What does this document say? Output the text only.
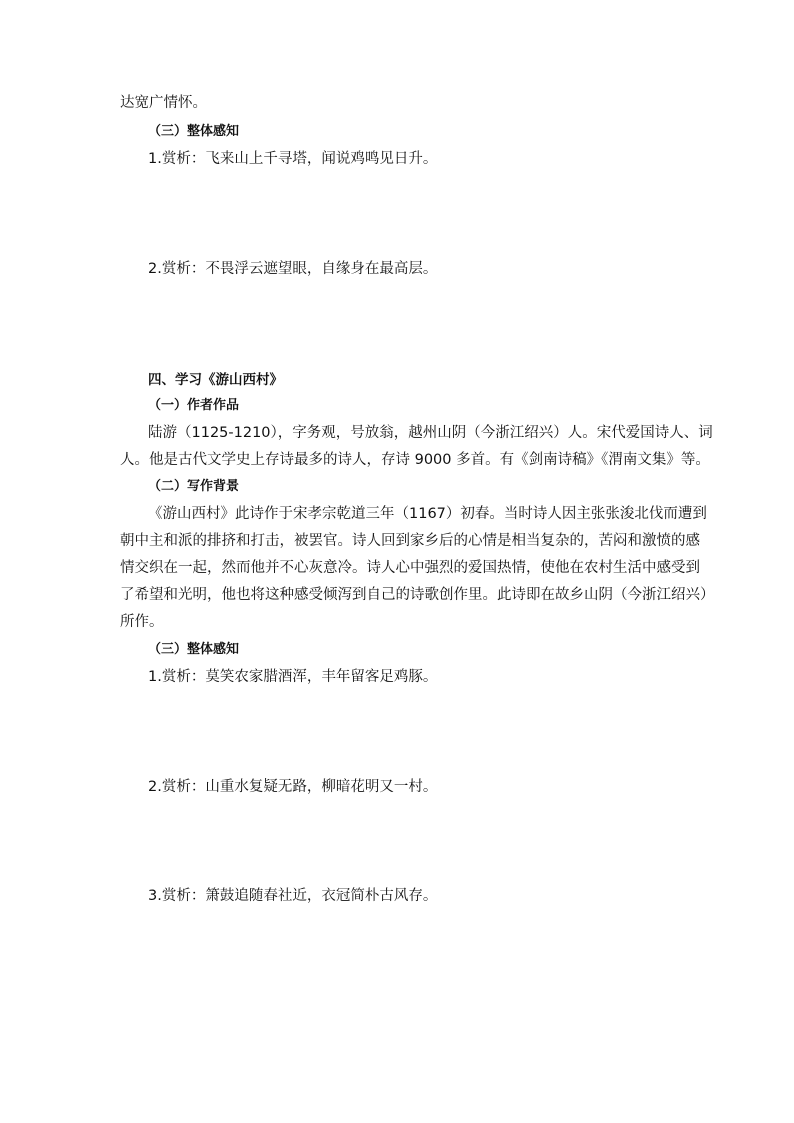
达宽广情怀。
（三）整体感知
1.赏析：飞来山上千寻塔，闻说鸡鸣见日升。
2.赏析：不畏浮云遮望眼，自缘身在最高层。
四、学习《游山西村》
（一）作者作品
陆游（1125-1210），字务观，号放翁，越州山阴（今浙江绍兴）人。宋代爱国诗人、词
人。他是古代文学史上存诗最多的诗人，存诗 9000 多首。有《剑南诗稿》《渭南文集》等。
（二）写作背景
《游山西村》此诗作于宋孝宗乾道三年（1167）初春。当时诗人因主张张浚北伐而遭到
朝中主和派的排挤和打击，被罢官。诗人回到家乡后的心情是相当复杂的，苦闷和激愤的感
情交织在一起，然而他并不心灰意冷。诗人心中强烈的爱国热情，使他在农村生活中感受到
了希望和光明，他也将这种感受倾泻到自己的诗歌创作里。此诗即在故乡山阴（今浙江绍兴）
所作。
（三）整体感知
1.赏析：莫笑农家腊酒浑，丰年留客足鸡豚。
2.赏析：山重水复疑无路，柳暗花明又一村。
3.赏析：箫鼓追随春社近，衣冠简朴古风存。
